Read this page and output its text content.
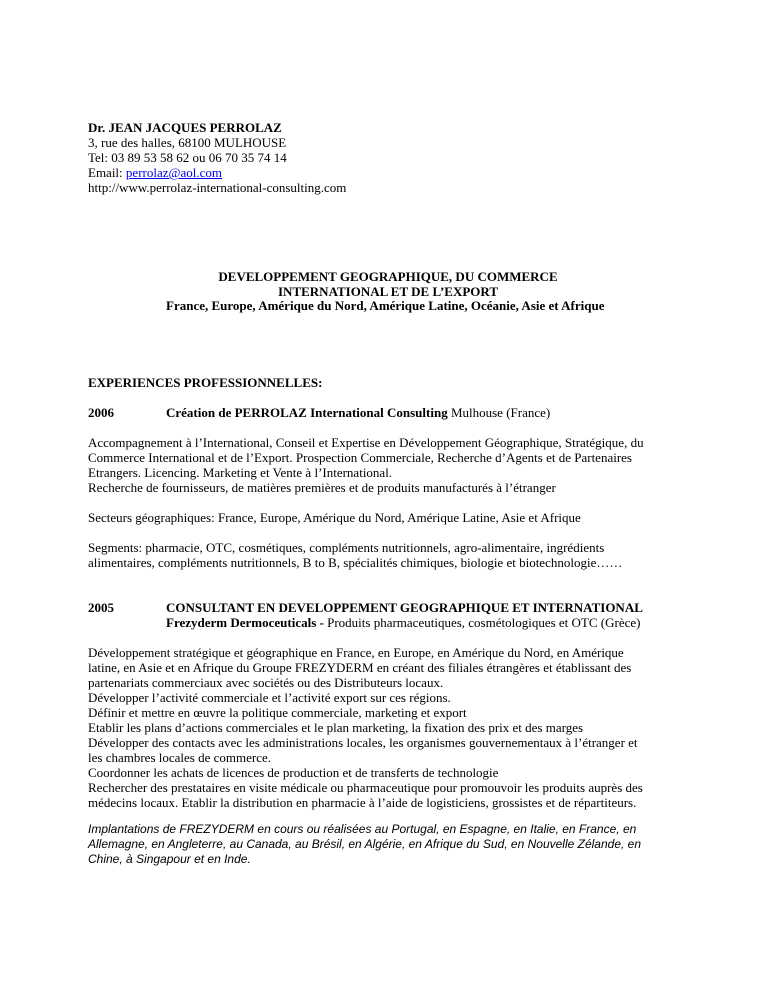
Dr. JEAN JACQUES PERROLAZ
3, rue des halles, 68100 MULHOUSE
Tel: 03 89 53 58 62 ou 06 70 35 74 14
Email: perrolaz@aol.com
http://www.perrolaz-international-consulting.com
DEVELOPPEMENT GEOGRAPHIQUE, DU COMMERCE
INTERNATIONAL ET DE L’EXPORT
France, Europe, Amérique du Nord, Amérique Latine, Océanie, Asie et Afrique
EXPERIENCES PROFESSIONNELLES:
2006	Création de PERROLAZ International Consulting Mulhouse (France)
Accompagnement à l’International, Conseil et Expertise en Développement Géographique, Stratégique, du
Commerce International et de l’Export. Prospection Commerciale, Recherche d’Agents et de Partenaires
Etrangers. Licencing. Marketing et Vente à l’International.
Recherche de fournisseurs, de matières premières et de produits manufacturés à l’étranger
Secteurs géographiques: France, Europe, Amérique du Nord, Amérique Latine, Asie et Afrique
Segments: pharmacie, OTC, cosmétiques, compléments nutritionnels, agro-alimentaire, ingrédients
alimentaires, compléments nutritionnels, B to B, spécialités chimiques, biologie et biotechnologie……
2005	CONSULTANT EN DEVELOPPEMENT GEOGRAPHIQUE ET INTERNATIONAL
Frezyderm Dermoceuticals - Produits pharmaceutiques, cosmétologiques et OTC (Grèce)
Développement stratégique et géographique en France, en Europe, en Amérique du Nord, en Amérique
latine, en Asie et en Afrique du Groupe FREZYDERM en créant des filiales étrangères et établissant des
partenariats commerciaux avec sociétés ou des Distributeurs locaux.
Développer l’activité commerciale et l’activité export sur ces régions.
Définir et mettre en œuvre la politique commerciale, marketing et export
Etablir les plans d’actions commerciales et le plan marketing, la fixation des prix et des marges
Développer des contacts avec les administrations locales, les organismes gouvernementaux à l’étranger et
les chambres locales de commerce.
Coordonner les achats de licences de production et de transferts de technologie
Rechercher des prestataires en visite médicale ou pharmaceutique pour promouvoir les produits auprès des
médecins locaux. Etablir la distribution en pharmacie à l’aide de logisticiens, grossistes et de répartiteurs.
Implantations de FREZYDERM en cours ou réalisées au Portugal, en Espagne, en Italie, en France, en
Allemagne, en Angleterre, au Canada, au Brésil, en Algérie, en Afrique du Sud, en Nouvelle Zélande, en
Chine, à Singapour et en Inde.
